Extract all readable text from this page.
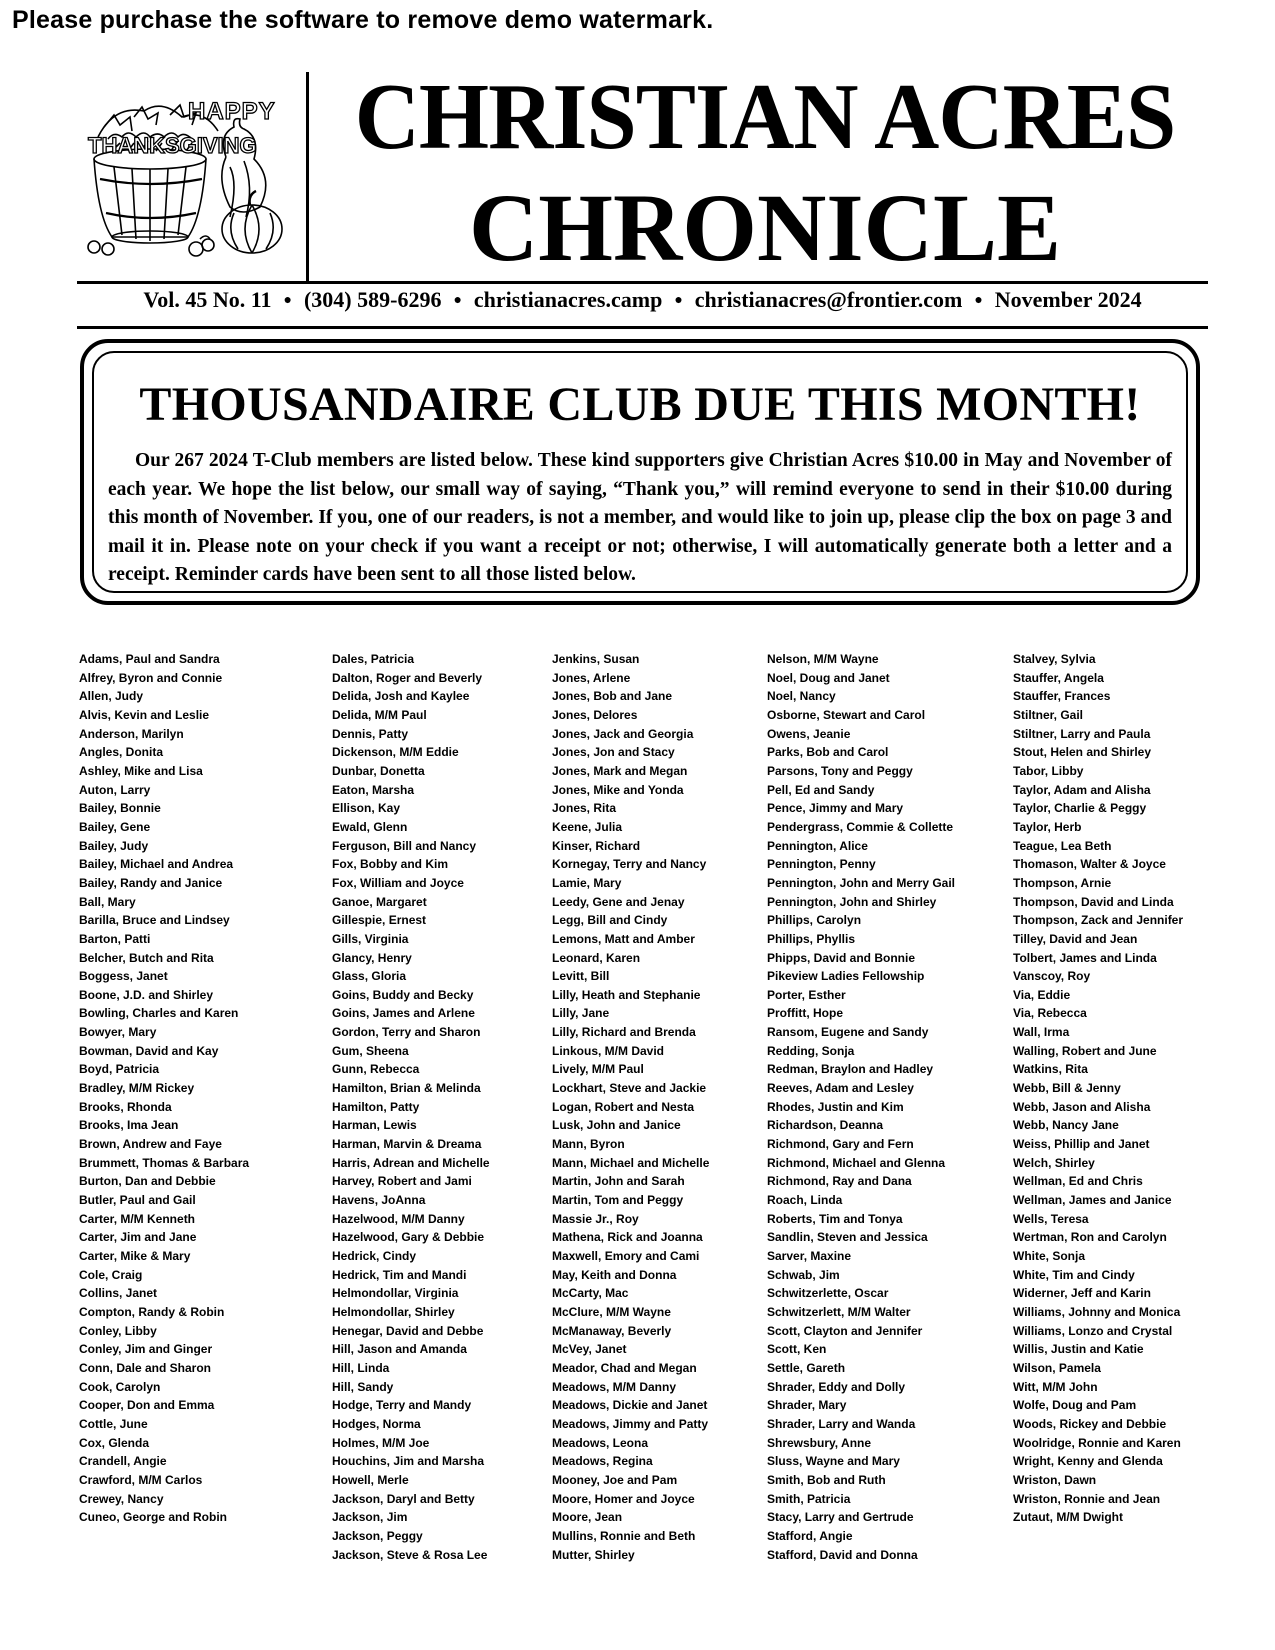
Please purchase the software to remove demo watermark.
HAPPY
THANKSGIVING CHRISTIAN ACRES
CHRONICLE
Vol. 45 No. 11 ● (304) 589-6296 ● christianacres.camp ● christianacres@frontier.com ● November 2024
THOUSANDAIRE CLUB DUE THIS MONTH!
Our 267 2024 T-Club members are listed below. These kind supporters give Christian Acres $10.00 in May and November of each year. We hope the list below, our small way of saying, “Thank you,” will remind everyone to send in their $10.00 during this month of November. If you, one of our readers, is not a member, and would like to join up, please clip the box on page 3 and mail it in. Please note on your check if you want a receipt or not; otherwise, I will automatically generate both a letter and a receipt. Reminder cards have been sent to all those listed below.
Adams, Paul and Sandra
Alfrey, Byron and Connie
Allen, Judy
Alvis, Kevin and Leslie
Anderson, Marilyn
Angles, Donita
Ashley, Mike and Lisa
Auton, Larry
Bailey, Bonnie
Bailey, Gene
Bailey, Judy
Bailey, Michael and Andrea
Bailey, Randy and Janice
Ball, Mary
Barilla, Bruce and Lindsey
Barton, Patti
Belcher, Butch and Rita
Boggess, Janet
Boone, J.D. and Shirley
Bowling, Charles and Karen
Bowyer, Mary
Bowman, David and Kay
Boyd, Patricia
Bradley, M/M Rickey
Brooks, Rhonda
Brooks, Ima Jean
Brown, Andrew and Faye
Brummett, Thomas & Barbara
Burton, Dan and Debbie
Butler, Paul and Gail
Carter, M/M Kenneth
Carter, Jim and Jane
Carter, Mike & Mary
Cole, Craig
Collins, Janet
Compton, Randy & Robin
Conley, Libby
Conley, Jim and Ginger
Conn, Dale and Sharon
Cook, Carolyn
Cooper, Don and Emma
Cottle, June
Cox, Glenda
Crandell, Angie
Crawford, M/M Carlos
Crewey, Nancy
Cuneo, George and Robin
Dales, Patricia
Dalton, Roger and Beverly
Delida, Josh and Kaylee
Delida, M/M Paul
Dennis, Patty
Dickenson, M/M Eddie
Dunbar, Donetta
Eaton, Marsha
Ellison, Kay
Ewald, Glenn
Ferguson, Bill and Nancy
Fox, Bobby and Kim
Fox, William and Joyce
Ganoe, Margaret
Gillespie, Ernest
Gills, Virginia
Glancy, Henry
Glass, Gloria
Goins, Buddy and Becky
Goins, James and Arlene
Gordon, Terry and Sharon
Gum, Sheena
Gunn, Rebecca
Hamilton, Brian & Melinda
Hamilton, Patty
Harman, Lewis
Harman, Marvin & Dreama
Harris, Adrean and Michelle
Harvey, Robert and Jami
Havens, JoAnna
Hazelwood, M/M Danny
Hazelwood, Gary & Debbie
Hedrick, Cindy
Hedrick, Tim and Mandi
Helmondollar, Virginia
Helmondollar, Shirley
Henegar, David and Debbe
Hill, Jason and Amanda
Hill, Linda
Hill, Sandy
Hodge, Terry and Mandy
Hodges, Norma
Holmes, M/M Joe
Houchins, Jim and Marsha
Howell, Merle
Jackson, Daryl and Betty
Jackson, Jim
Jackson, Peggy
Jackson, Steve & Rosa Lee
Jenkins, Susan
Jones, Arlene
Jones, Bob and Jane
Jones, Delores
Jones, Jack and Georgia
Jones, Jon and Stacy
Jones, Mark and Megan
Jones, Mike and Yonda
Jones, Rita
Keene, Julia
Kinser, Richard
Kornegay, Terry and Nancy
Lamie, Mary
Leedy, Gene and Jenay
Legg, Bill and Cindy
Lemons, Matt and Amber
Leonard, Karen
Levitt, Bill
Lilly, Heath and Stephanie
Lilly, Jane
Lilly, Richard and Brenda
Linkous, M/M David
Lively, M/M Paul
Lockhart, Steve and Jackie
Logan, Robert and Nesta
Lusk, John and Janice
Mann, Byron
Mann, Michael and Michelle
Martin, John and Sarah
Martin, Tom and Peggy
Massie Jr., Roy
Mathena, Rick and Joanna
Maxwell, Emory and Cami
May, Keith and Donna
McCarty, Mac
McClure, M/M Wayne
McManaway, Beverly
McVey, Janet
Meador, Chad and Megan
Meadows, M/M Danny
Meadows, Dickie and Janet
Meadows, Jimmy and Patty
Meadows, Leona
Meadows, Regina
Mooney, Joe and Pam
Moore, Homer and Joyce
Moore, Jean
Mullins, Ronnie and Beth
Mutter, Shirley
Nelson, M/M Wayne
Noel, Doug and Janet
Noel, Nancy
Osborne, Stewart and Carol
Owens, Jeanie
Parks, Bob and Carol
Parsons, Tony and Peggy
Pell, Ed and Sandy
Pence, Jimmy and Mary
Pendergrass, Commie & Collette
Pennington, Alice
Pennington, Penny
Pennington, John and Merry Gail
Pennington, John and Shirley
Phillips, Carolyn
Phillips, Phyllis
Phipps, David and Bonnie
Pikeview Ladies Fellowship
Porter, Esther
Proffitt, Hope
Ransom, Eugene and Sandy
Redding, Sonja
Redman, Braylon and Hadley
Reeves, Adam and Lesley
Rhodes, Justin and Kim
Richardson, Deanna
Richmond, Gary and Fern
Richmond, Michael and Glenna
Richmond, Ray and Dana
Roach, Linda
Roberts, Tim and Tonya
Sandlin, Steven and Jessica
Sarver, Maxine
Schwab, Jim
Schwitzerlette, Oscar
Schwitzerlett, M/M Walter
Scott, Clayton and Jennifer
Scott, Ken
Settle, Gareth
Shrader, Eddy and Dolly
Shrader, Mary
Shrader, Larry and Wanda
Shrewsbury, Anne
Sluss, Wayne and Mary
Smith, Bob and Ruth
Smith, Patricia
Stacy, Larry and Gertrude
Stafford, Angie
Stafford, David and Donna
Stalvey, Sylvia
Stauffer, Angela
Stauffer, Frances
Stiltner, Gail
Stiltner, Larry and Paula
Stout, Helen and Shirley
Tabor, Libby
Taylor, Adam and Alisha
Taylor, Charlie & Peggy
Taylor, Herb
Teague, Lea Beth
Thomason, Walter & Joyce
Thompson, Arnie
Thompson, David and Linda
Thompson, Zack and Jennifer
Tilley, David and Jean
Tolbert, James and Linda
Vanscoy, Roy
Via, Eddie
Via, Rebecca
Wall, Irma
Walling, Robert and June
Watkins, Rita
Webb, Bill & Jenny
Webb, Jason and Alisha
Webb, Nancy Jane
Weiss, Phillip and Janet
Welch, Shirley
Wellman, Ed and Chris
Wellman, James and Janice
Wells, Teresa
Wertman, Ron and Carolyn
White, Sonja
White, Tim and Cindy
Widerner, Jeff and Karin
Williams, Johnny and Monica
Williams, Lonzo and Crystal
Willis, Justin and Katie
Wilson, Pamela
Witt, M/M John
Wolfe, Doug and Pam
Woods, Rickey and Debbie
Woolridge, Ronnie and Karen
Wright, Kenny and Glenda
Wriston, Dawn
Wriston, Ronnie and Jean
Zutaut, M/M Dwight
